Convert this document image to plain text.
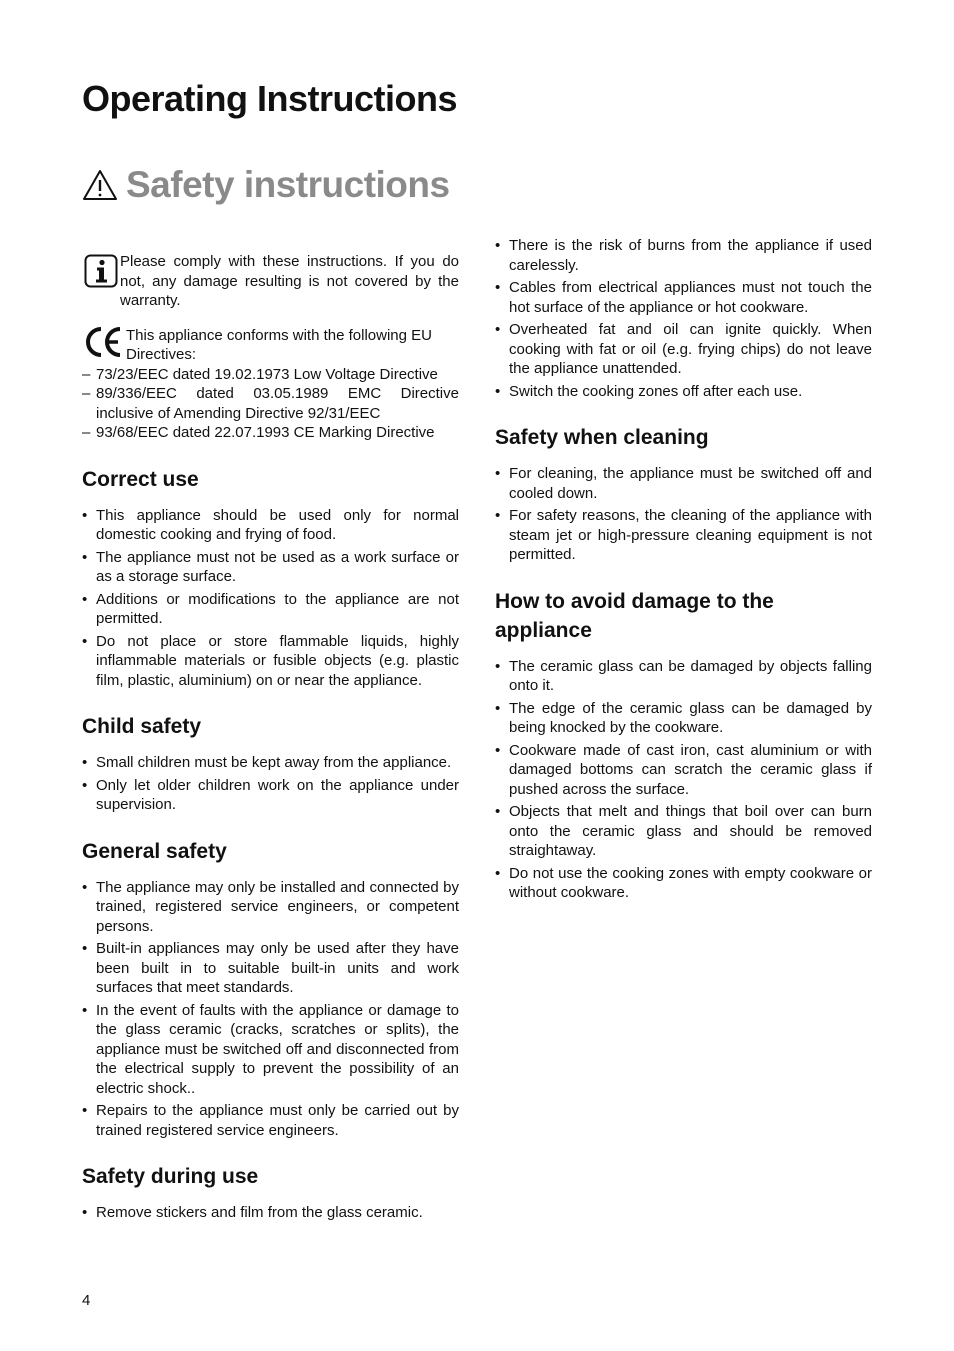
Operating Instructions
Safety instructions

Please comply with these instructions. If you do not, any damage resulting is not covered by the warranty.

This appliance conforms with the following EU Directives:

– 73/23/EEC dated 19.02.1973 Low Voltage Directive
– 89/336/EEC dated 03.05.1989 EMC Directive inclusive of Amending Directive 92/31/EEC
– 93/68/EEC dated 22.07.1993 CE Marking Directive
Correct use
• This appliance should be used only for normal domestic cooking and frying of food.
• The appliance must not be used as a work surface or as a storage surface.
• Additions or modifications to the appliance are not permitted.
• Do not place or store flammable liquids, highly inflammable materials or fusible objects (e.g. plastic film, plastic, aluminium) on or near the appliance.
Child safety
• Small children must be kept away from the appliance.
• Only let older children work on the appliance under supervision.
General safety
• The appliance may only be installed and connected by trained, registered service engineers, or competent persons.
• Built-in appliances may only be used after they have been built in to suitable built-in units and work surfaces that meet standards.
• In the event of faults with the appliance or damage to the glass ceramic (cracks, scratches or splits), the appliance must be switched off and disconnected from the electrical supply to prevent the possibility of an electric shock..
• Repairs to the appliance must only be carried out by trained registered service engineers.
Safety during use
• Remove stickers and film from the glass ceramic.
• There is the risk of burns from the appliance if used carelessly.
• Cables from electrical appliances must not touch the hot surface of the appliance or hot cookware.
• Overheated fat and oil can ignite quickly. When cooking with fat or oil (e.g. frying chips) do not leave the appliance unattended.
• Switch the cooking zones off after each use.
Safety when cleaning
• For cleaning, the appliance must be switched off and cooled down.
• For safety reasons, the cleaning of the appliance with steam jet or high-pressure cleaning equipment is not permitted.
How to avoid damage to the appliance
• The ceramic glass can be damaged by objects falling onto it.
• The edge of the ceramic glass can be damaged by being knocked by the cookware.
• Cookware made of cast iron, cast aluminium or with damaged bottoms can scratch the ceramic glass if pushed across the surface.
• Objects that melt and things that boil over can burn onto the ceramic glass and should be removed straightaway.
• Do not use the cooking zones with empty cookware or without cookware.
4
